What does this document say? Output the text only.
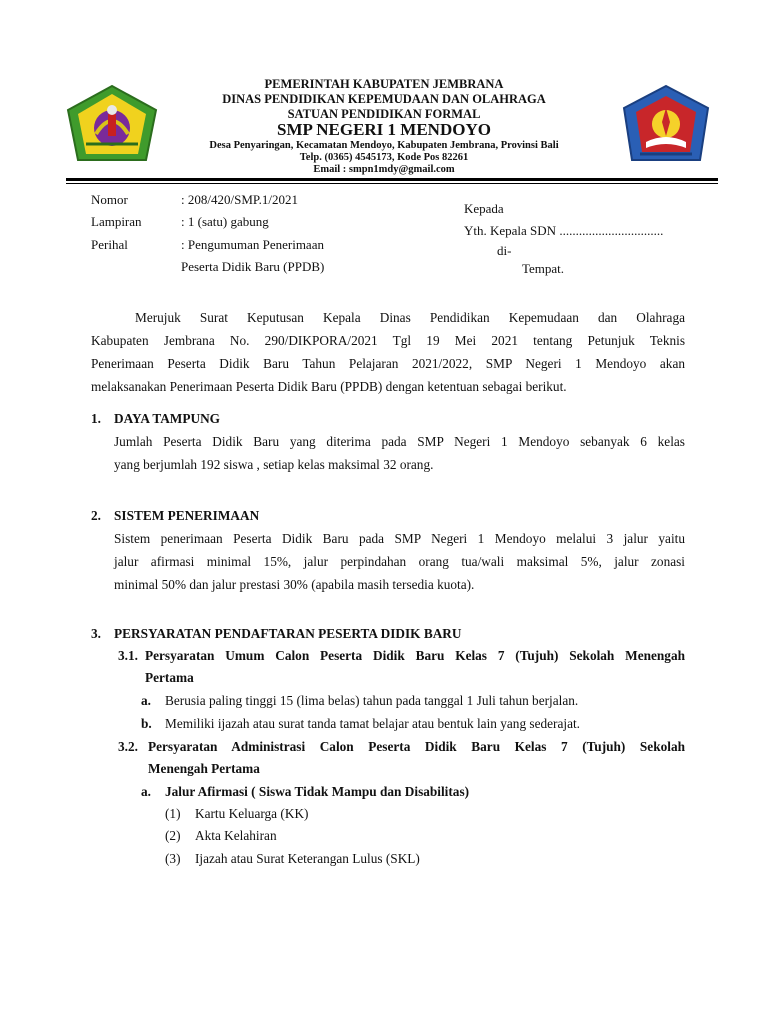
PEMERINTAH KABUPATEN JEMBRANA
DINAS PENDIDIKAN KEPEMUDAAN DAN OLAHRAGA
SATUAN PENDIDIKAN FORMAL
SMP NEGERI 1 MENDOYO
Desa Penyaringan, Kecamatan Mendoyo, Kabupaten Jembrana, Provinsi Bali
Telp. (0365) 4545173, Kode Pos 82261
Email : smpn1mdy@gmail.com
Nomor	: 208/420/SMP.1/2021
Lampiran	: 1 (satu) gabung
Perihal	: Pengumuman Penerimaan
Peserta Didik Baru (PPDB)
Kepada
Yth. Kepala SDN ................................
di-
Tempat.
Merujuk Surat Keputusan Kepala Dinas Pendidikan Kepemudaan dan Olahraga
Kabupaten Jembrana No. 290/DIKPORA/2021 Tgl 19 Mei 2021 tentang Petunjuk Teknis
Penerimaan Peserta Didik Baru Tahun Pelajaran 2021/2022, SMP Negeri 1 Mendoyo akan
melaksanakan Penerimaan Peserta Didik Baru (PPDB) dengan ketentuan sebagai berikut.
1. DAYA TAMPUNG
Jumlah Peserta Didik Baru yang diterima pada SMP Negeri 1 Mendoyo sebanyak 6 kelas
yang berjumlah 192 siswa , setiap kelas maksimal 32 orang.
2. SISTEM PENERIMAAN
Sistem penerimaan Peserta Didik Baru pada SMP Negeri 1 Mendoyo melalui 3 jalur yaitu
jalur afirmasi minimal 15%, jalur perpindahan orang tua/wali maksimal 5%, jalur zonasi
minimal 50% dan jalur prestasi 30% (apabila masih tersedia kuota).
3. PERSYARATAN PENDAFTARAN PESERTA DIDIK BARU
3.1. Persyaratan Umum Calon Peserta Didik Baru Kelas 7 (Tujuh) Sekolah Menengah
Pertama
a. Berusia paling tinggi 15 (lima belas) tahun pada tanggal 1 Juli tahun berjalan.
b. Memiliki ijazah atau surat tanda tamat belajar atau bentuk lain yang sederajat.
3.2. Persyaratan Administrasi Calon Peserta Didik Baru Kelas 7 (Tujuh) Sekolah
Menengah Pertama
a. Jalur Afirmasi ( Siswa Tidak Mampu dan Disabilitas)
(1) Kartu Keluarga (KK)
(2) Akta Kelahiran
(3) Ijazah atau Surat Keterangan Lulus (SKL)
